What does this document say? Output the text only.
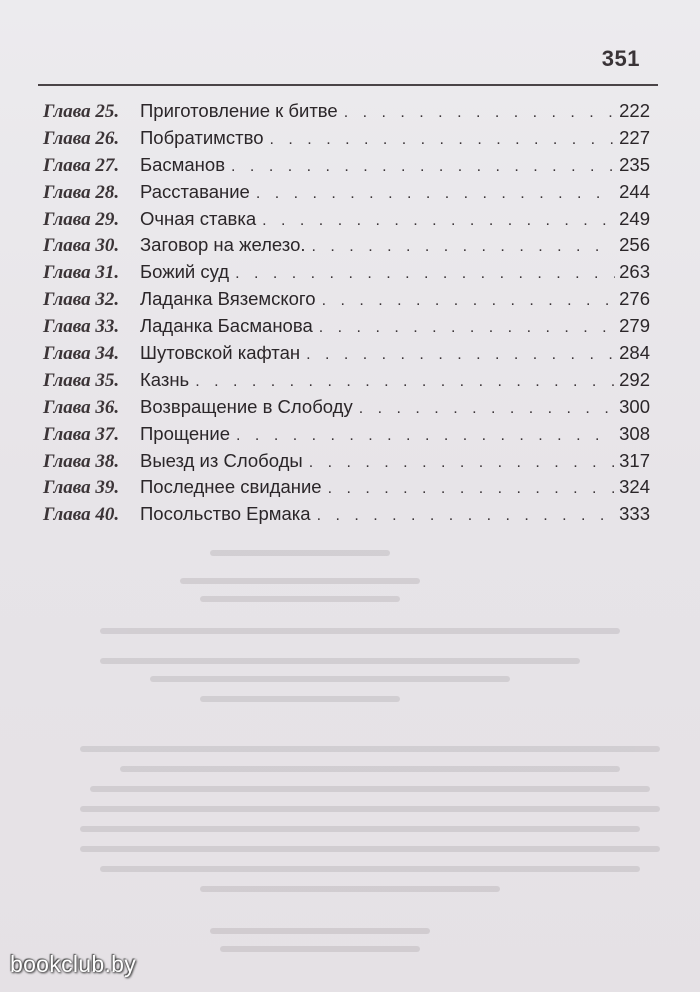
351
Глава 25.	Приготовление к битве . . .	222
Глава 26.	Побратимство . . .	227
Глава 27.	Басманов . . .	235
Глава 28.	Расставание . . .	244
Глава 29.	Очная ставка . . .	249
Глава 30.	Заговор на железо. . . .	256
Глава 31.	Божий суд . . .	263
Глава 32.	Ладанка Вяземского . . .	276
Глава 33.	Ладанка Басманова . . .	279
Глава 34.	Шутовской кафтан . . .	284
Глава 35.	Казнь . . .	292
Глава 36.	Возвращение в Слободу . . .	300
Глава 37.	Прощение . . .	308
Глава 38.	Выезд из Слободы . . .	317
Глава 39.	Последнее свидание . . .	324
Глава 40.	Посольство Ермака . . .	333
bookclub.by
